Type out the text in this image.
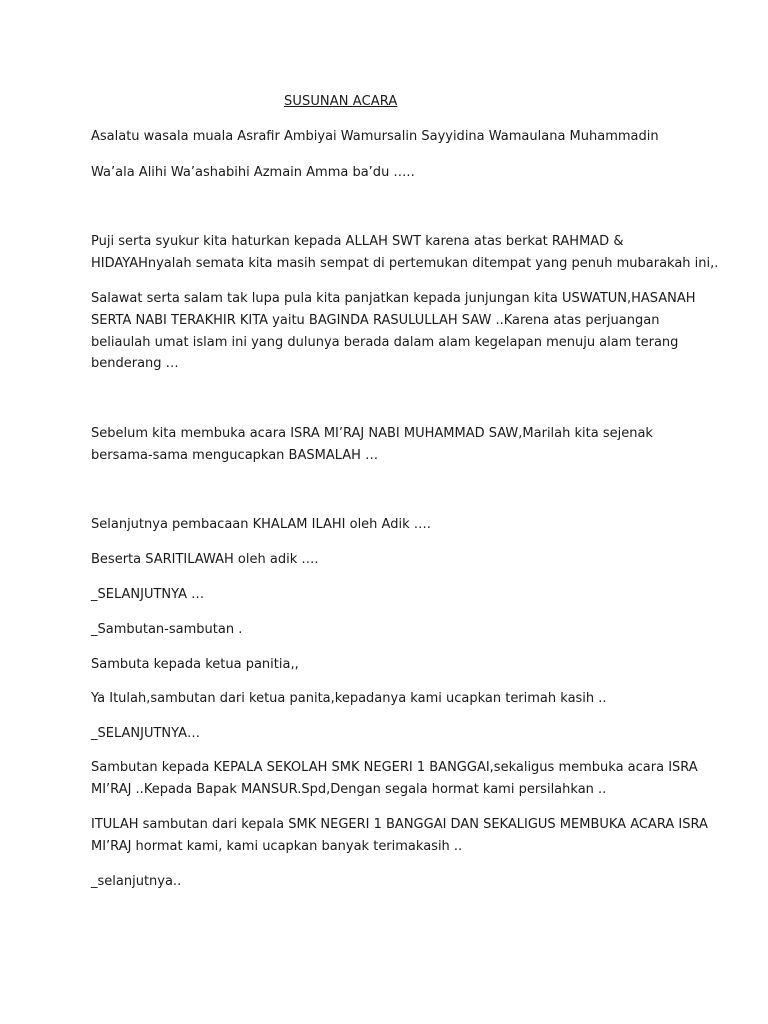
SUSUNAN ACARA

Asalatu wasala muala Asrafir Ambiyai Wamursalin Sayyidina Wamaulana Muhammadin

Wa’ala Alihi Wa’ashabihi Azmain Amma ba’du …..

Puji serta syukur kita haturkan kepada ALLAH SWT karena atas berkat RAHMAD &

HIDAYAHnyalah semata kita masih sempat di pertemukan ditempat yang penuh mubarakah ini,.

Salawat serta salam tak lupa pula kita panjatkan kepada junjungan kita USWATUN,HASANAH

SERTA NABI TERAKHIR KITA yaitu BAGINDA RASULULLAH SAW ..Karena atas perjuangan

beliaulah umat islam ini yang dulunya berada dalam alam kegelapan menuju alam terang

benderang …

Sebelum kita membuka acara ISRA MI’RAJ NABI MUHAMMAD SAW,Marilah kita sejenak

bersama-sama mengucapkan BASMALAH …

Selanjutnya pembacaan KHALAM ILAHI oleh Adik ….

Beserta SARITILAWAH oleh adik ….

_SELANJUTNYA …

_Sambutan-sambutan .

Sambuta kepada ketua panitia,,

Ya Itulah,sambutan dari ketua panita,kepadanya kami ucapkan terimah kasih ..

_SELANJUTNYA…

Sambutan kepada KEPALA SEKOLAH SMK NEGERI 1 BANGGAI,sekaligus membuka acara ISRA

MI’RAJ ..Kepada Bapak MANSUR.Spd,Dengan segala hormat kami persilahkan ..

ITULAH sambutan dari kepala SMK NEGERI 1 BANGGAI DAN SEKALIGUS MEMBUKA ACARA ISRA

MI’RAJ hormat kami, kami ucapkan banyak terimakasih ..

_selanjutnya..
